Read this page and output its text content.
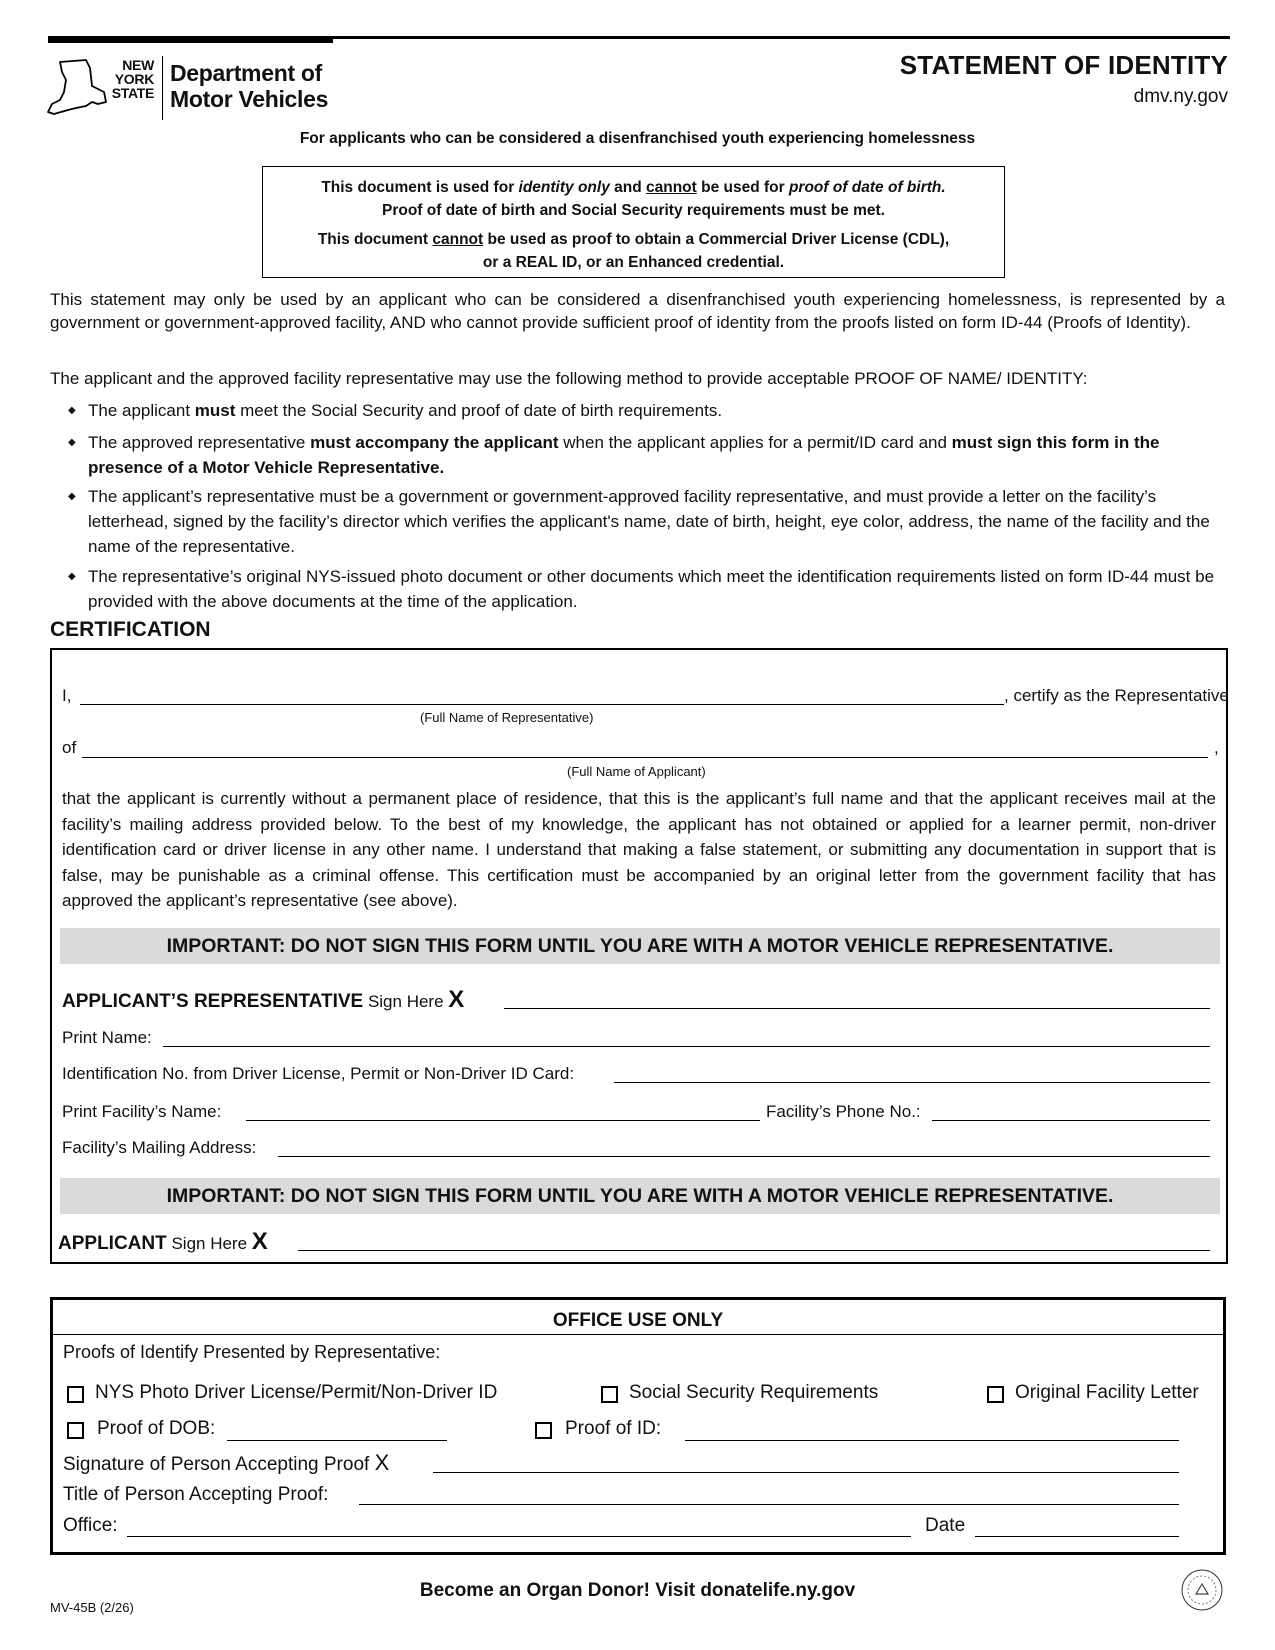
NEW
YORK
STATE
Department of
Motor Vehicles
STATEMENT OF IDENTITY
dmv.ny.gov
For applicants who can be considered a disenfranchised youth experiencing homelessness

This document is used for identity only and cannot be used for proof of date of birth.

Proof of date of birth and Social Security requirements must be met.

This document cannot be used as proof to obtain a Commercial Driver License (CDL),

or a REAL ID, or an Enhanced credential.

This statement may only be used by an applicant who can be considered a disenfranchised youth experiencing homelessness, is represented by a government or government-approved facility, AND who cannot provide sufficient proof of identity from the proofs listed on form ID-44 (Proofs of Identity).
The applicant and the approved facility representative may use the following method to provide acceptable PROOF OF NAME/ IDENTITY:
◆ The applicant must meet the Social Security and proof of date of birth requirements.
◆ The approved representative must accompany the applicant when the applicant applies for a permit/ID card and must sign this form in the presence of a Motor Vehicle Representative.
◆ The applicant’s representative must be a government or government-approved facility representative, and must provide a letter on the facility’s letterhead, signed by the facility’s director which verifies the applicant's name, date of birth, height, eye color, address, the name of the facility and the name of the representative.
◆ The representative’s original NYS-issued photo document or other documents which meet the identification requirements listed on form ID-44 must be provided with the above documents at the time of the application.
CERTIFICATION
I,	, certify as the Representative
(Full Name of Representative)
of	,
(Full Name of Applicant)
that the applicant is currently without a permanent place of residence, that this is the applicant’s full name and that the applicant receives mail at the facility’s mailing address provided below. To the best of my knowledge, the applicant has not obtained or applied for a learner permit, non-driver identification card or driver license in any other name. I understand that making a false statement, or submitting any documentation in support that is false, may be punishable as a criminal offense. This certification must be accompanied by an original letter from the government facility that has approved the applicant’s representative (see above).
IMPORTANT: DO NOT SIGN THIS FORM UNTIL YOU ARE WITH A MOTOR VEHICLE REPRESENTATIVE.
APPLICANT’S REPRESENTATIVE Sign Here X
Print Name:
Identification No. from Driver License, Permit or Non-Driver ID Card:
Print Facility’s Name:	Facility’s Phone No.:
Facility’s Mailing Address:
IMPORTANT: DO NOT SIGN THIS FORM UNTIL YOU ARE WITH A MOTOR VEHICLE REPRESENTATIVE.
APPLICANT Sign Here X
OFFICE USE ONLY
Proofs of Identify Presented by Representative:
NYS Photo Driver License/Permit/Non-Driver ID	Social Security Requirements	Original Facility Letter
Proof of DOB:	Proof of ID:
Signature of Person Accepting Proof X
Title of Person Accepting Proof:
Office:	Date
MV-45B (2/26)
Become an Organ Donor! Visit donatelife.ny.gov
